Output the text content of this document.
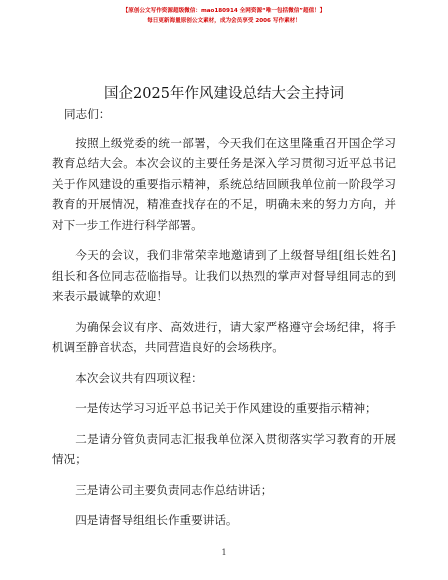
【原创公文写作资源超级微信：mao180914 全网资源“唯一包括微信”超值！】
每日更新海量原创公文素材，成为会员享受 2006 写作素材！
国企2025年作风建设总结大会主持词

同志们：

按照上级党委的统一部署，今天我们在这里隆重召开国企学习教育总结大会。本次会议的主要任务是深入学习贯彻习近平总书记关于作风建设的重要指示精神，系统总结回顾我单位前一阶段学习教育的开展情况，精准查找存在的不足，明确未来的努力方向，并对下一步工作进行科学部署。

今天的会议，我们非常荣幸地邀请到了上级督导组[组长姓名]组长和各位同志莅临指导。让我们以热烈的掌声对督导组同志的到来表示最诚挚的欢迎！

为确保会议有序、高效进行，请大家严格遵守会场纪律，将手机调至静音状态，共同营造良好的会场秩序。

本次会议共有四项议程：

一是传达学习习近平总书记关于作风建设的重要指示精神；

二是请分管负责同志汇报我单位深入贯彻落实学习教育的开展情况；

三是请公司主要负责同志作总结讲话；

四是请督导组组长作重要讲话。

1
